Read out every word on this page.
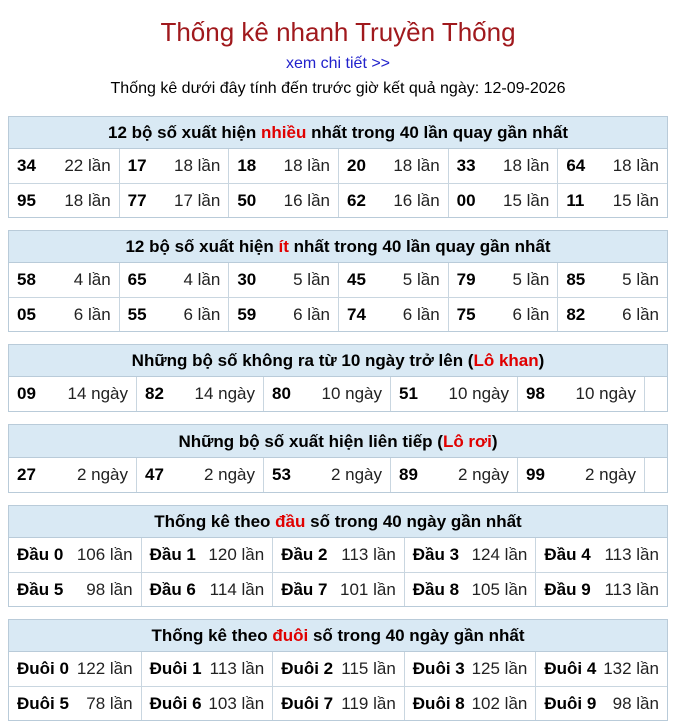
Thống kê nhanh Truyền Thống
xem chi tiết >>
Thống kê dưới đây tính đến trước giờ kết quả ngày: 12-09-2026
12 bộ số xuất hiện nhiều nhất trong 40 lần quay gần nhất
34 22 lần 17 18 lần 18 18 lần 20 18 lần 33 18 lần 64 18 lần
95 18 lần 77 17 lần 50 16 lần 62 16 lần 00 15 lần 11 15 lần
12 bộ số xuất hiện ít nhất trong 40 lần quay gần nhất
58 4 lần 65 4 lần 30 5 lần 45 5 lần 79 5 lần 85 5 lần
05 6 lần 55 6 lần 59 6 lần 74 6 lần 75 6 lần 82 6 lần
Những bộ số không ra từ 10 ngày trở lên (Lô khan)
09 14 ngày 82 14 ngày 80 10 ngày 51 10 ngày 98 10 ngày
Những bộ số xuất hiện liên tiếp (Lô rơi)
27 2 ngày 47 2 ngày 53 2 ngày 89 2 ngày 99 2 ngày
Thống kê theo đầu số trong 40 ngày gần nhất
Đầu 0 106 lần Đầu 1 120 lần Đầu 2 113 lần Đầu 3 124 lần Đầu 4 113 lần
Đầu 5 98 lần Đầu 6 114 lần Đầu 7 101 lần Đầu 8 105 lần Đầu 9 113 lần
Thống kê theo đuôi số trong 40 ngày gần nhất
Đuôi 0 122 lần Đuôi 1 113 lần Đuôi 2 115 lần Đuôi 3 125 lần Đuôi 4 132 lần
Đuôi 5 78 lần Đuôi 6 103 lần Đuôi 7 119 lần Đuôi 8 102 lần Đuôi 9 98 lần
